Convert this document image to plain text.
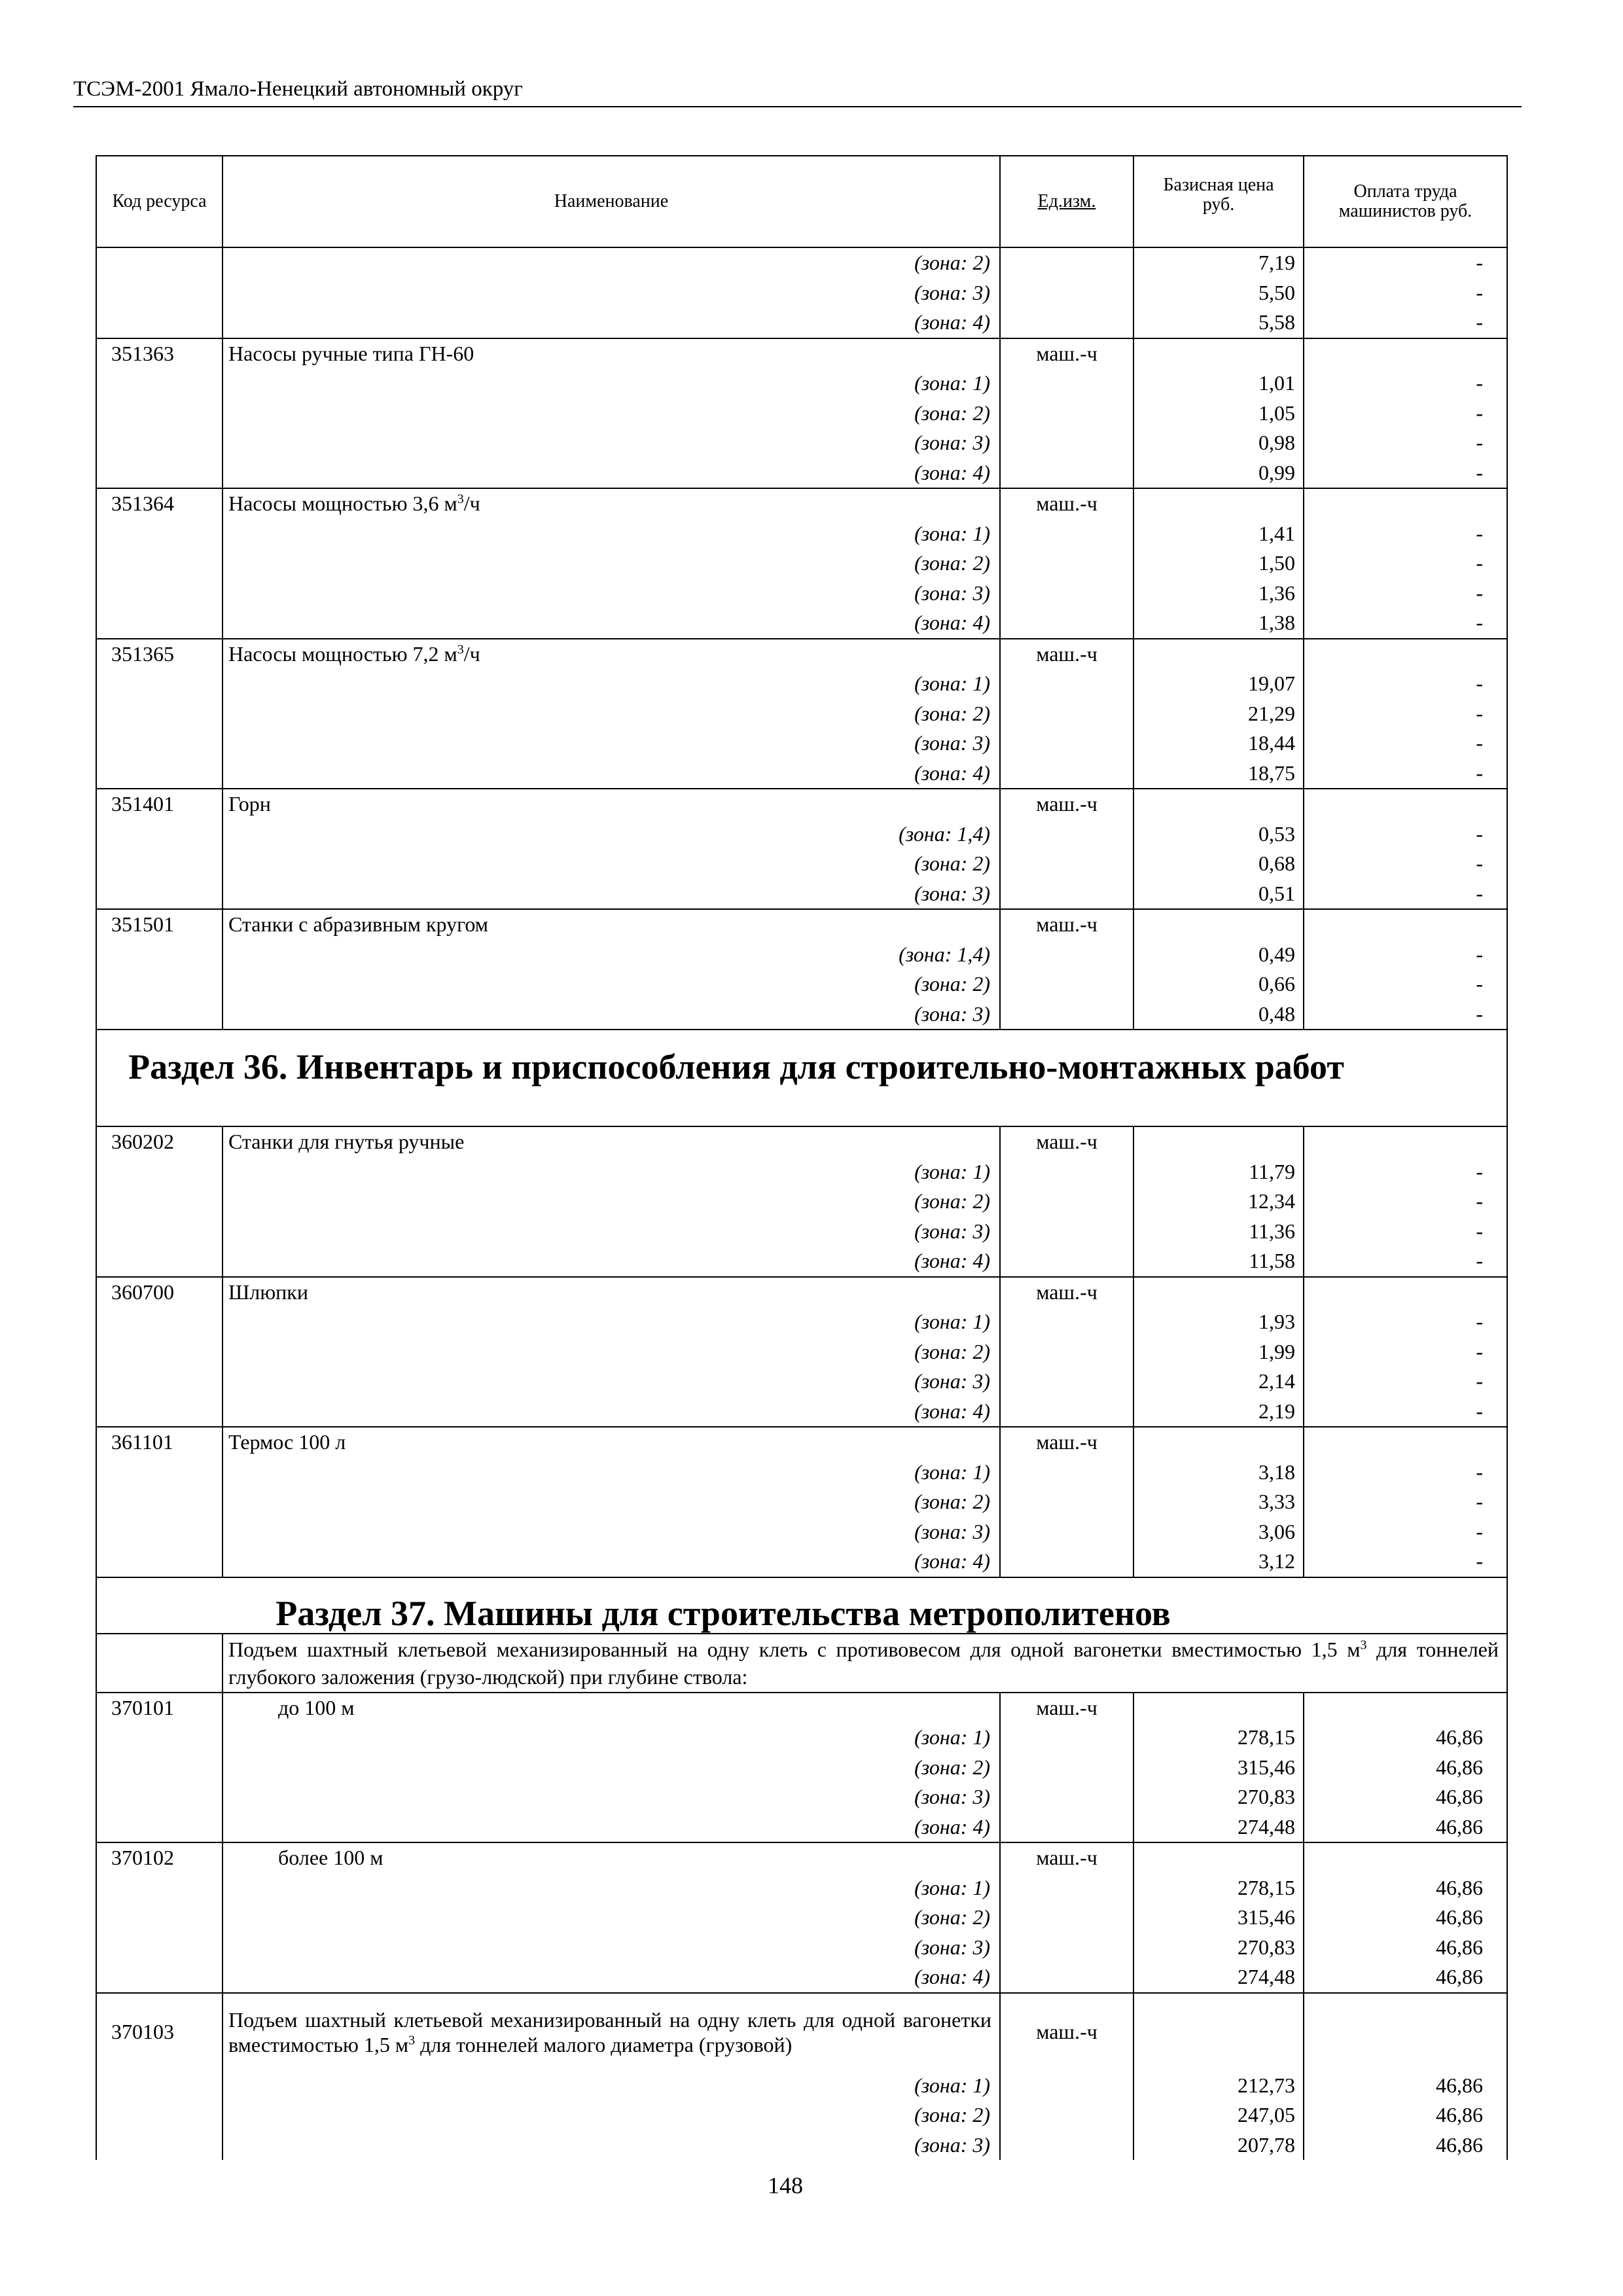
ТСЭМ-2001 Ямало-Ненецкий автономный округ
Код ресурса	Наименование	Ед.изм.	Базисная цена руб.	Оплата труда машинистов руб.
	(зона: 2)		7,19	-
	(зона: 3)		5,50	-
	(зона: 4)		5,58	-
351363	Насосы ручные типа ГН-60	маш.-ч		
	(зона: 1)		1,01	-
	(зона: 2)		1,05	-
	(зона: 3)		0,98	-
	(зона: 4)		0,99	-
351364	Насосы мощностью 3,6 $м^3/ч$	маш.-ч		
	(зона: 1)		1,41	-
	(зона: 2)		1,50	-
	(зона: 3)		1,36	-
	(зона: 4)		1,38	-
351365	Насосы мощностью 7,2 $м^3/ч$	маш.-ч		
	(зона: 1)		19,07	-
	(зона: 2)		21,29	-
	(зона: 3)		18,44	-
	(зона: 4)		18,75	-
351401	Горн	маш.-ч		
	(зона: 1,4)		0,53	-
	(зона: 2)		0,68	-
	(зона: 3)		0,51	-
351501	Станки с абразивным кругом	маш.-ч		
	(зона: 1,4)		0,49	-
	(зона: 2)		0,66	-
	(зона: 3)		0,48	-
Раздел 36. Инвентарь и приспособления для строительно-монтажных работ				
360202	Станки для гнутья ручные	маш.-ч		
	(зона: 1)		11,79	-
	(зона: 2)		12,34	-
	(зона: 3)		11,36	-
	(зона: 4)		11,58	-
360700	Шлюпки	маш.-ч		
	(зона: 1)		1,93	-
	(зона: 2)		1,99	-
	(зона: 3)		2,14	-
	(зона: 4)		2,19	-
361101	Термос 100 л	маш.-ч		
	(зона: 1)		3,18	-
	(зона: 2)		3,33	-
	(зона: 3)		3,06	-
	(зона: 4)		3,12	-
Раздел 37. Машины для строительства метрополитенов				
	Подъем шахтный клетьевой механизированный на одну клеть с противовесом для одной вагонетки вместимостью 1,5 $м^3$ для тоннелей глубокого заложения (грузо-людской) при глубине ствола:			
370101	до 100 м	маш.-ч		
	(зона: 1)		278,15	46,86
	(зона: 2)		315,46	46,86
	(зона: 3)		270,83	46,86
	(зона: 4)		274,48	46,86
370102	более 100 м	маш.-ч		
	(зона: 1)		278,15	46,86
	(зона: 2)		315,46	46,86
	(зона: 3)		270,83	46,86
	(зона: 4)		274,48	46,86
370103	Подъем шахтный клетьевой механизированный на одну клеть для одной вагонетки вместимостью 1,5 $м^3$ для тоннелей малого диаметра (грузовой)	маш.-ч		
	(зона: 1)		212,73	46,86
	(зона: 2)		247,05	46,86
	(зона: 3)		207,78	46,86
148
